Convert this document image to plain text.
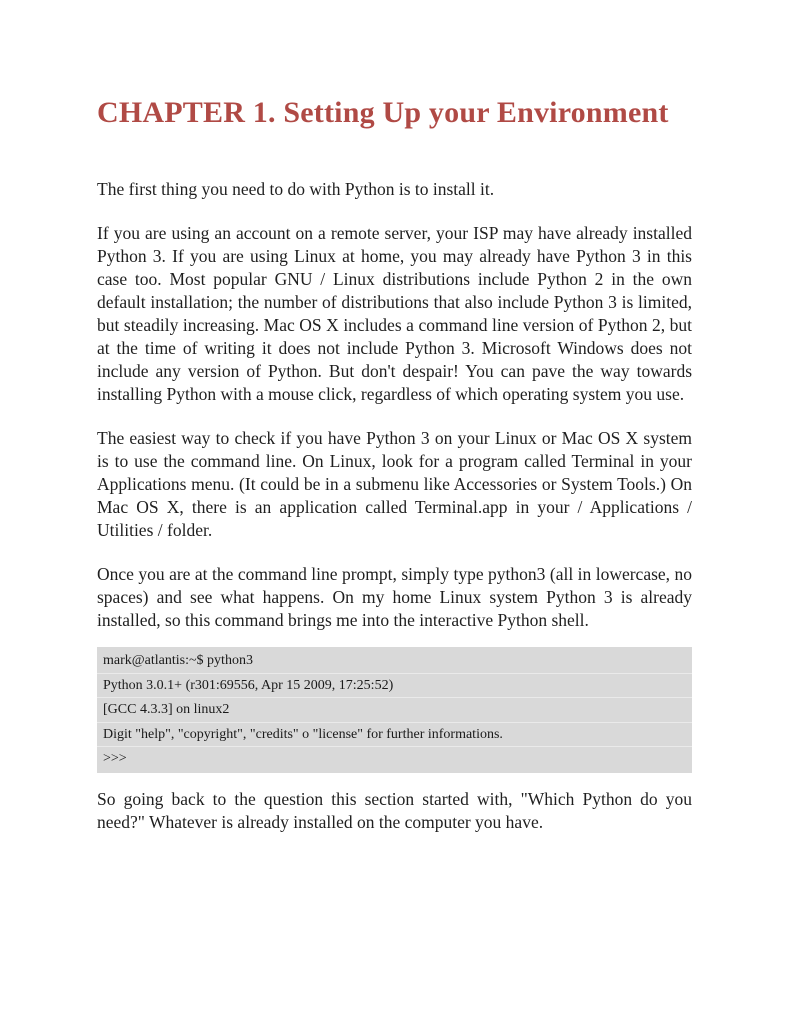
CHAPTER 1. Setting Up your Environment

The first thing you need to do with Python is to install it.

If you are using an account on a remote server, your ISP may have already installed Python 3. If you are using Linux at home, you may already have Python 3 in this case too. Most popular GNU / Linux distributions include Python 2 in the own default installation; the number of distributions that also include Python 3 is limited, but steadily increasing. Mac OS X includes a command line version of Python 2, but at the time of writing it does not include Python 3. Microsoft Windows does not include any version of Python. But don't despair! You can pave the way towards installing Python with a mouse click, regardless of which operating system you use.

The easiest way to check if you have Python 3 on your Linux or Mac OS X system is to use the command line. On Linux, look for a program called Terminal in your Applications menu. (It could be in a submenu like Accessories or System Tools.) On Mac OS X, there is an application called Terminal.app in your / Applications / Utilities / folder.

Once you are at the command line prompt, simply type python3 (all in lowercase, no spaces) and see what happens. On my home Linux system Python 3 is already installed, so this command brings me into the interactive Python shell.

mark@atlantis:~$ python3
Python 3.0.1+ (r301:69556, Apr 15 2009, 17:25:52)
[GCC 4.3.3] on linux2
Digit "help", "copyright", "credits" o "license" for further informations.
>>>

So going back to the question this section started with, "Which Python do you need?" Whatever is already installed on the computer you have.
